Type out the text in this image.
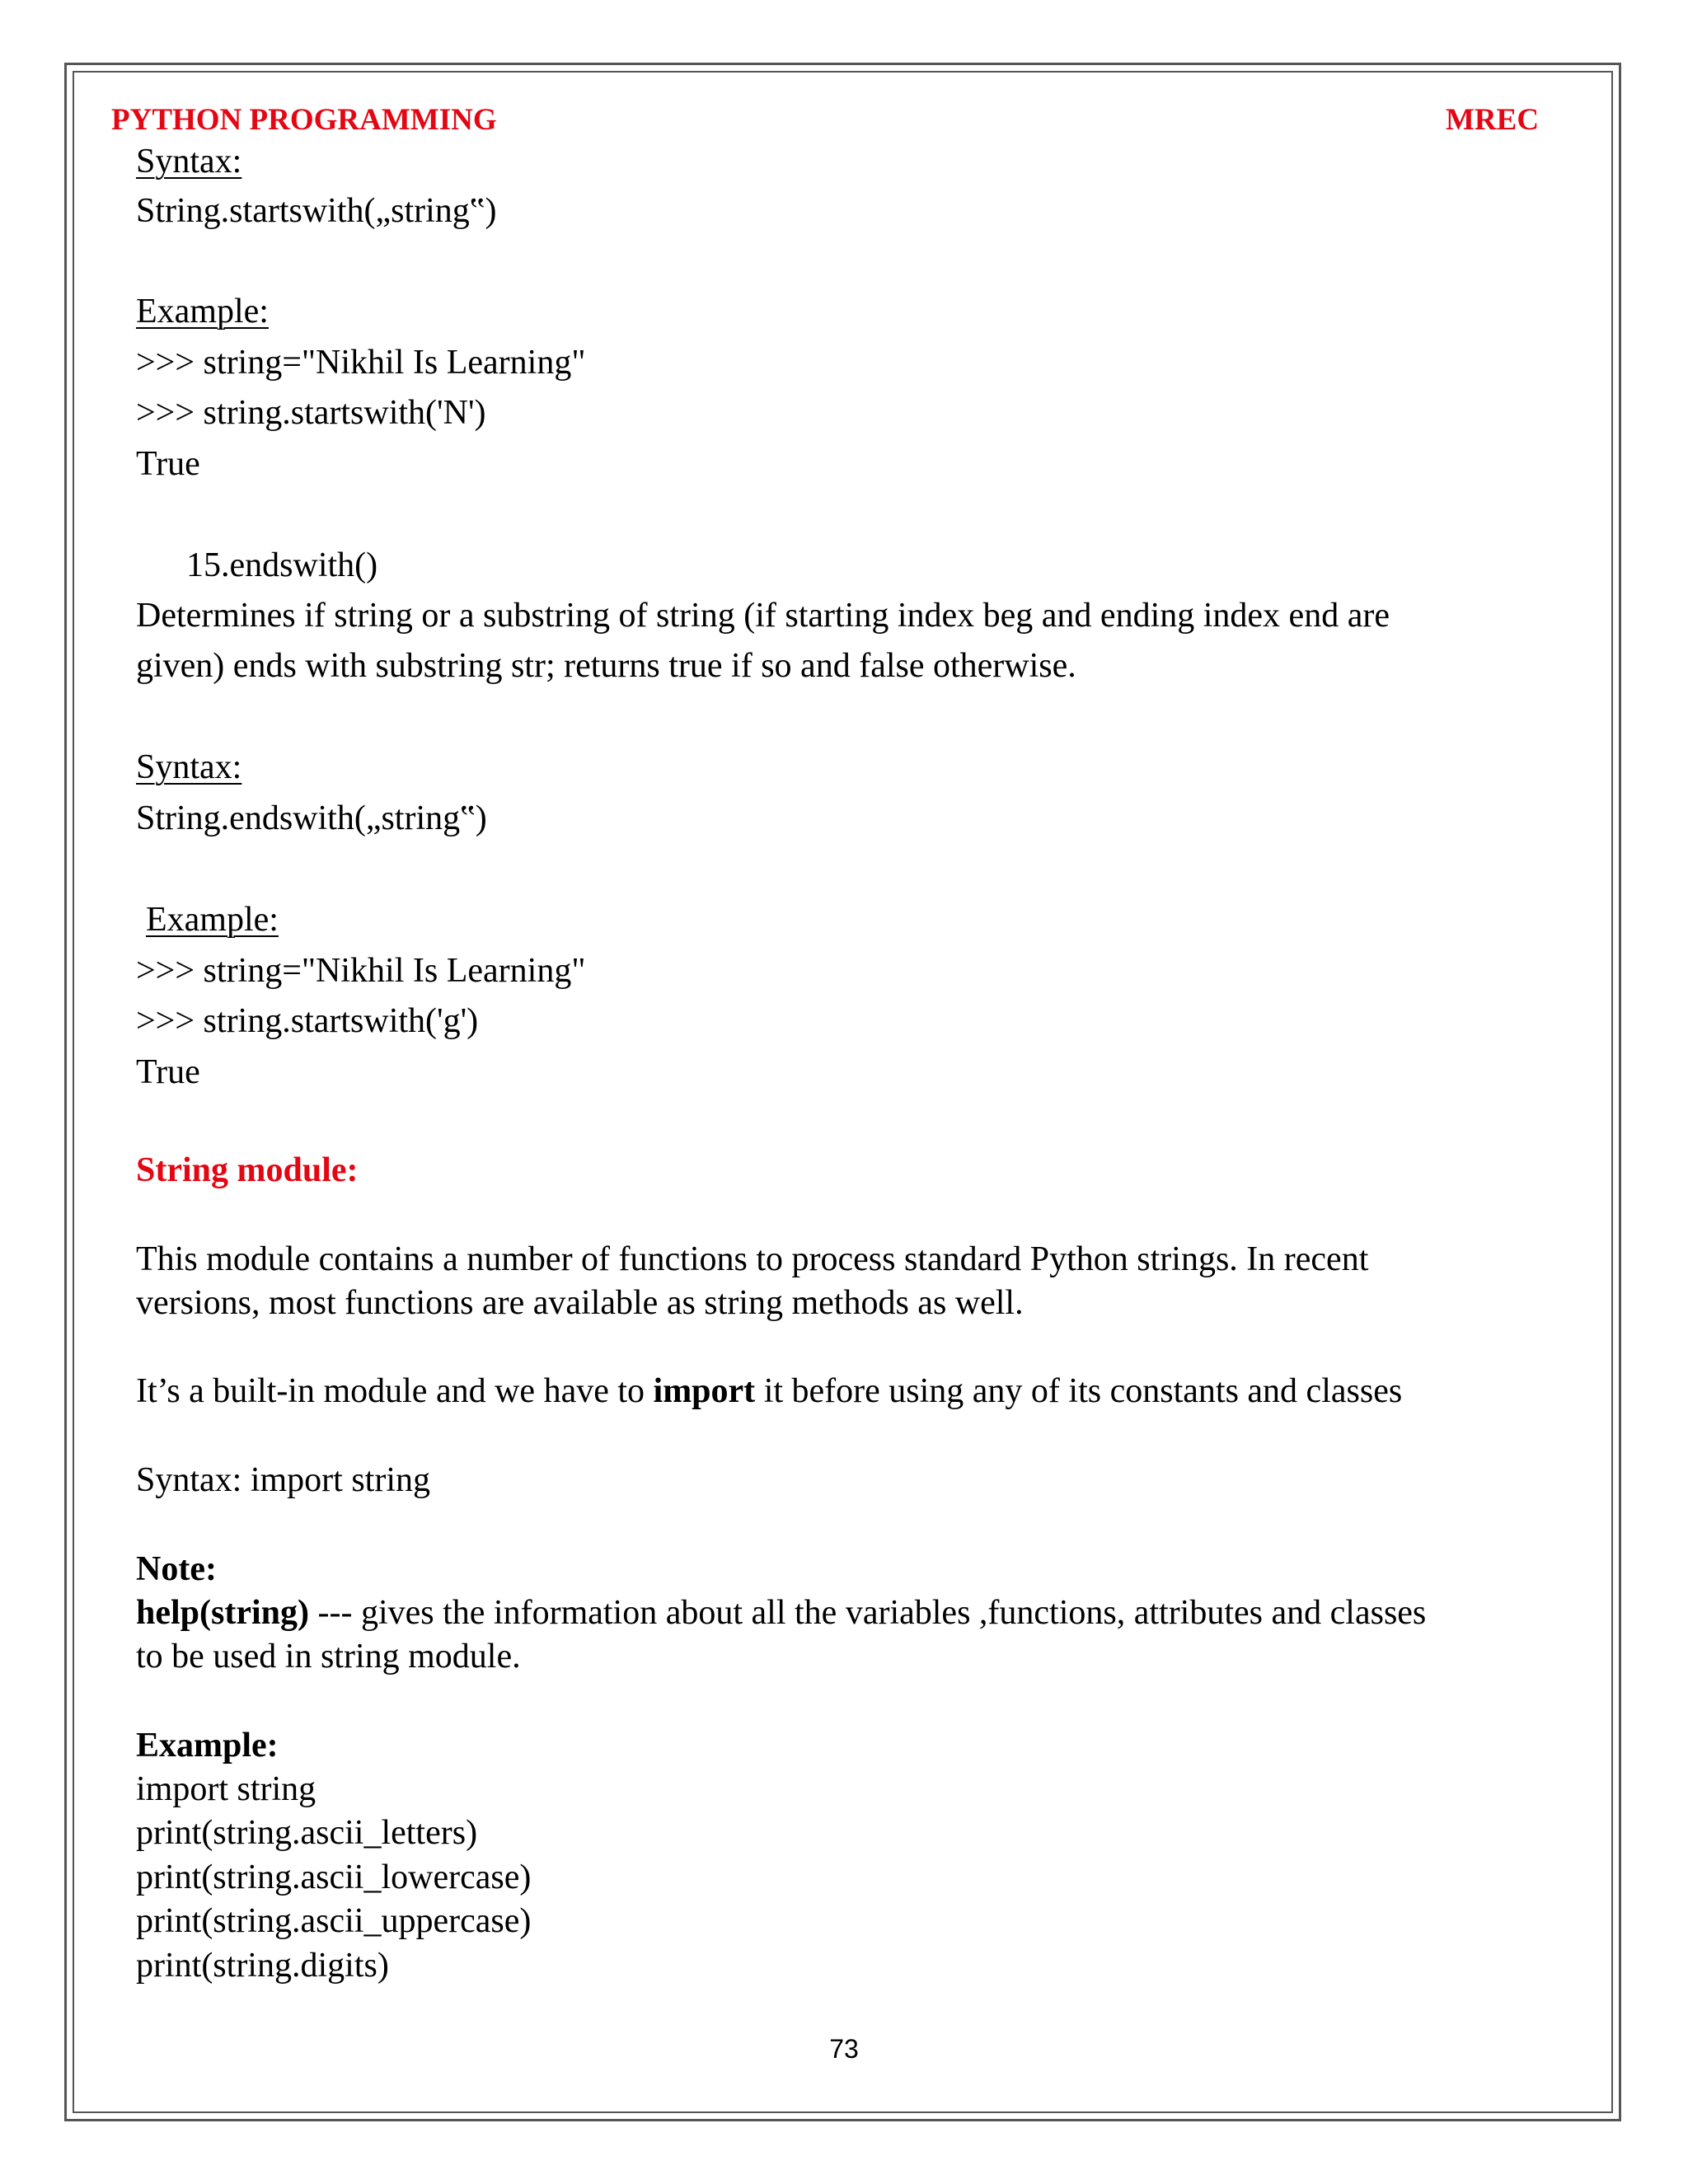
PYTHON PROGRAMMING	MREC
Syntax:
String.startswith(„string‟)
Example:
>>> string="Nikhil Is Learning"
>>> string.startswith('N')
True
15.endswith()
Determines if string or a substring of string (if starting index beg and ending index end are
given) ends with substring str; returns true if so and false otherwise.
Syntax:
String.endswith(„string‟)
Example:
>>> string="Nikhil Is Learning"
>>> string.startswith('g')
True
String module:
This module contains a number of functions to process standard Python strings. In recent
versions, most functions are available as string methods as well.
It’s a built-in module and we have to import it before using any of its constants and classes
Syntax: import string
Note:
help(string) --- gives the information about all the variables ,functions, attributes and classes
to be used in string module.
Example:
import string
print(string.ascii_letters)
print(string.ascii_lowercase)
print(string.ascii_uppercase)
print(string.digits)
73
